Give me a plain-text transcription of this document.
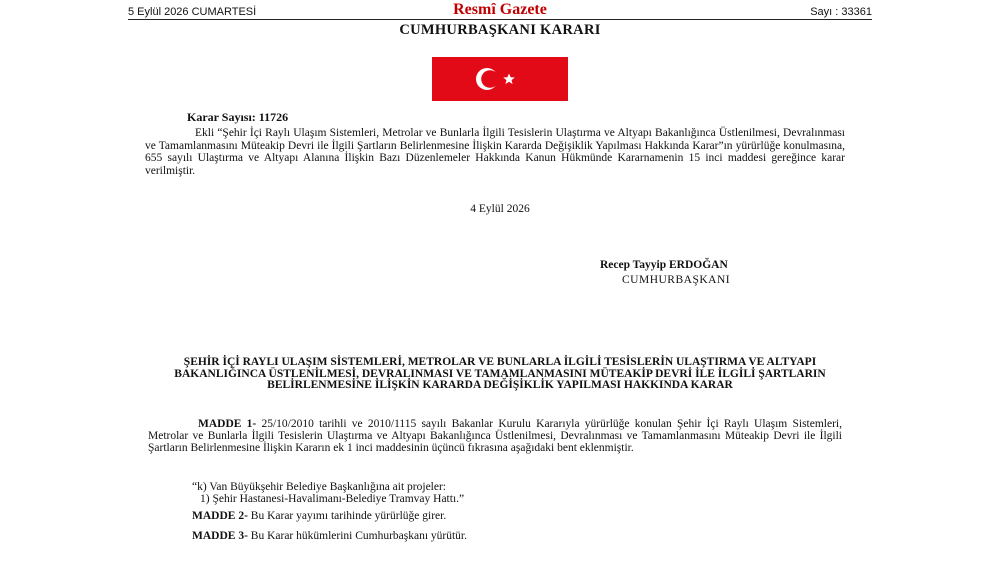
5 Eylül 2026 CUMARTESİ	Resmî Gazete	Sayı : 33361
CUMHURBAŞKANI KARARI
Karar Sayısı: 11726
Ekli “Şehir İçi Raylı Ulaşım Sistemleri, Metrolar ve Bunlarla İlgili Tesislerin Ulaştırma ve Altyapı Bakanlığınca Üstlenilmesi, Devralınması ve Tamamlanmasını Müteakip Devri ile İlgili Şartların Belirlenmesine İlişkin Kararda Değişiklik Yapılması Hakkında Karar”ın yürürlüğe konulmasına, 655 sayılı Ulaştırma ve Altyapı Alanına İlişkin Bazı Düzenlemeler Hakkında Kanun Hükmünde Kararnamenin 15 inci maddesi gereğince karar verilmiştir.
4 Eylül 2026
Recep Tayyip ERDOĞAN
CUMHURBAŞKANI
ŞEHİR İÇİ RAYLI ULAŞIM SİSTEMLERİ, METROLAR VE BUNLARLA İLGİLİ TESİSLERİN ULAŞTIRMA VE ALTYAPI BAKANLIĞINCA ÜSTLENİLMESİ, DEVRALINMASI VE TAMAMLANMASINI MÜTEAKİP DEVRİ İLE İLGİLİ ŞARTLARIN BELİRLENMESİNE İLİŞKİN KARARDA DEĞİŞİKLİK YAPILMASI HAKKINDA KARAR
MADDE 1- 25/10/2010 tarihli ve 2010/1115 sayılı Bakanlar Kurulu Kararıyla yürürlüğe konulan Şehir İçi Raylı Ulaşım Sistemleri, Metrolar ve Bunlarla İlgili Tesislerin Ulaştırma ve Altyapı Bakanlığınca Üstlenilmesi, Devralınması ve Tamamlanmasını Müteakip Devri ile İlgili Şartların Belirlenmesine İlişkin Kararın ek 1 inci maddesinin üçüncü fıkrasına aşağıdaki bent eklenmiştir.
“k) Van Büyükşehir Belediye Başkanlığına ait projeler:
1) Şehir Hastanesi-Havalimanı-Belediye Tramvay Hattı.”
MADDE 2- Bu Karar yayımı tarihinde yürürlüğe girer.
MADDE 3- Bu Karar hükümlerini Cumhurbaşkanı yürütür.
